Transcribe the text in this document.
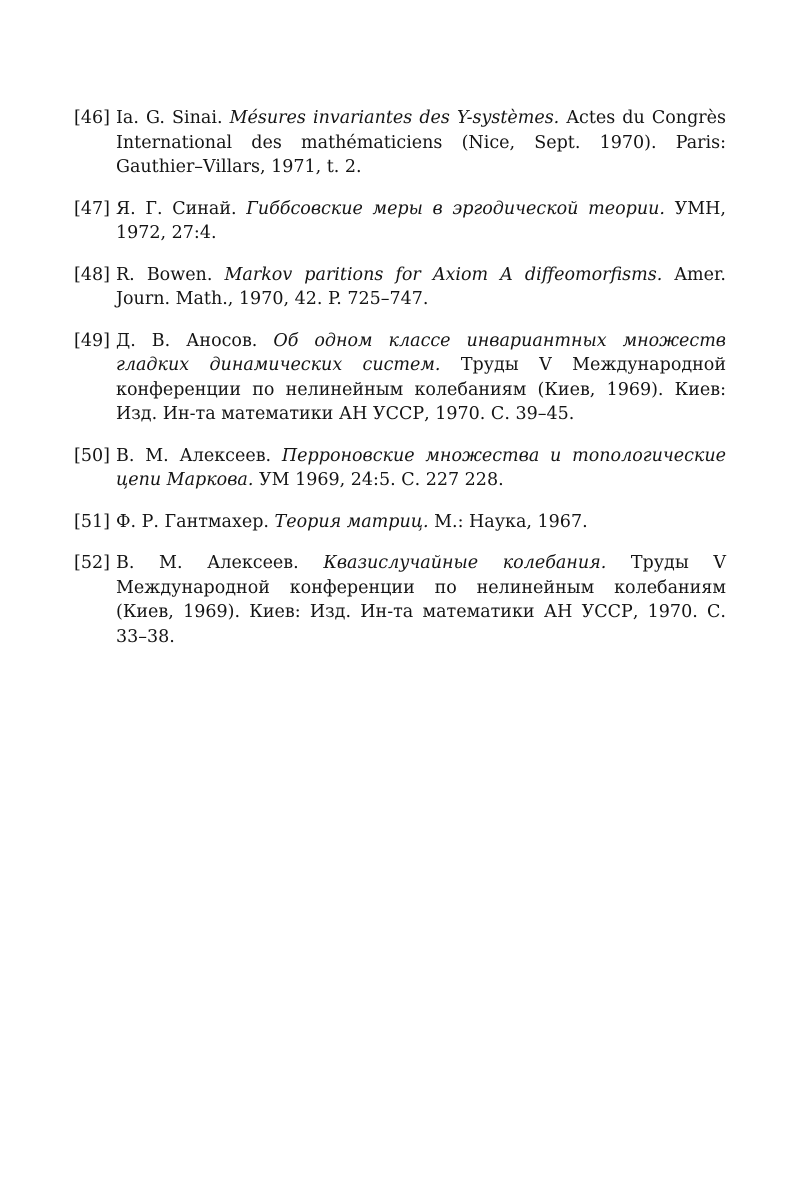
[46] Ia. G. Sinai. Mésures invariantes des Y-systèmes. Actes du Congrès International des mathématiciens (Nice, Sept. 1970). Paris: Gauthier–Villars, 1971, t. 2.
[47] Я. Г. Синай. Гиббсовские меры в эргодической теории. УМН, 1972, 27:4.
[48] R. Bowen. Markov paritions for Axiom A diffeomorfisms. Amer. Journ. Math., 1970, 42. P. 725–747.
[49] Д. В. Аносов. Об одном классе инвариантных множеств гладких динамических систем. Труды V Международной конференции по нелинейным колебаниям (Киев, 1969). Киев: Изд. Ин-та математики АН УССР, 1970. С. 39–45.
[50] В. М. Алексеев. Перроновские множества и топологические цепи Маркова. УМ 1969, 24:5. С. 227 228.
[51] Ф. Р. Гантмахер. Теория матриц. М.: Наука, 1967.
[52] В. М. Алексеев. Квазислучайные колебания. Труды V Международной конференции по нелинейным колебаниям (Киев, 1969). Киев: Изд. Ин-та математики АН УССР, 1970. С. 33–38.
